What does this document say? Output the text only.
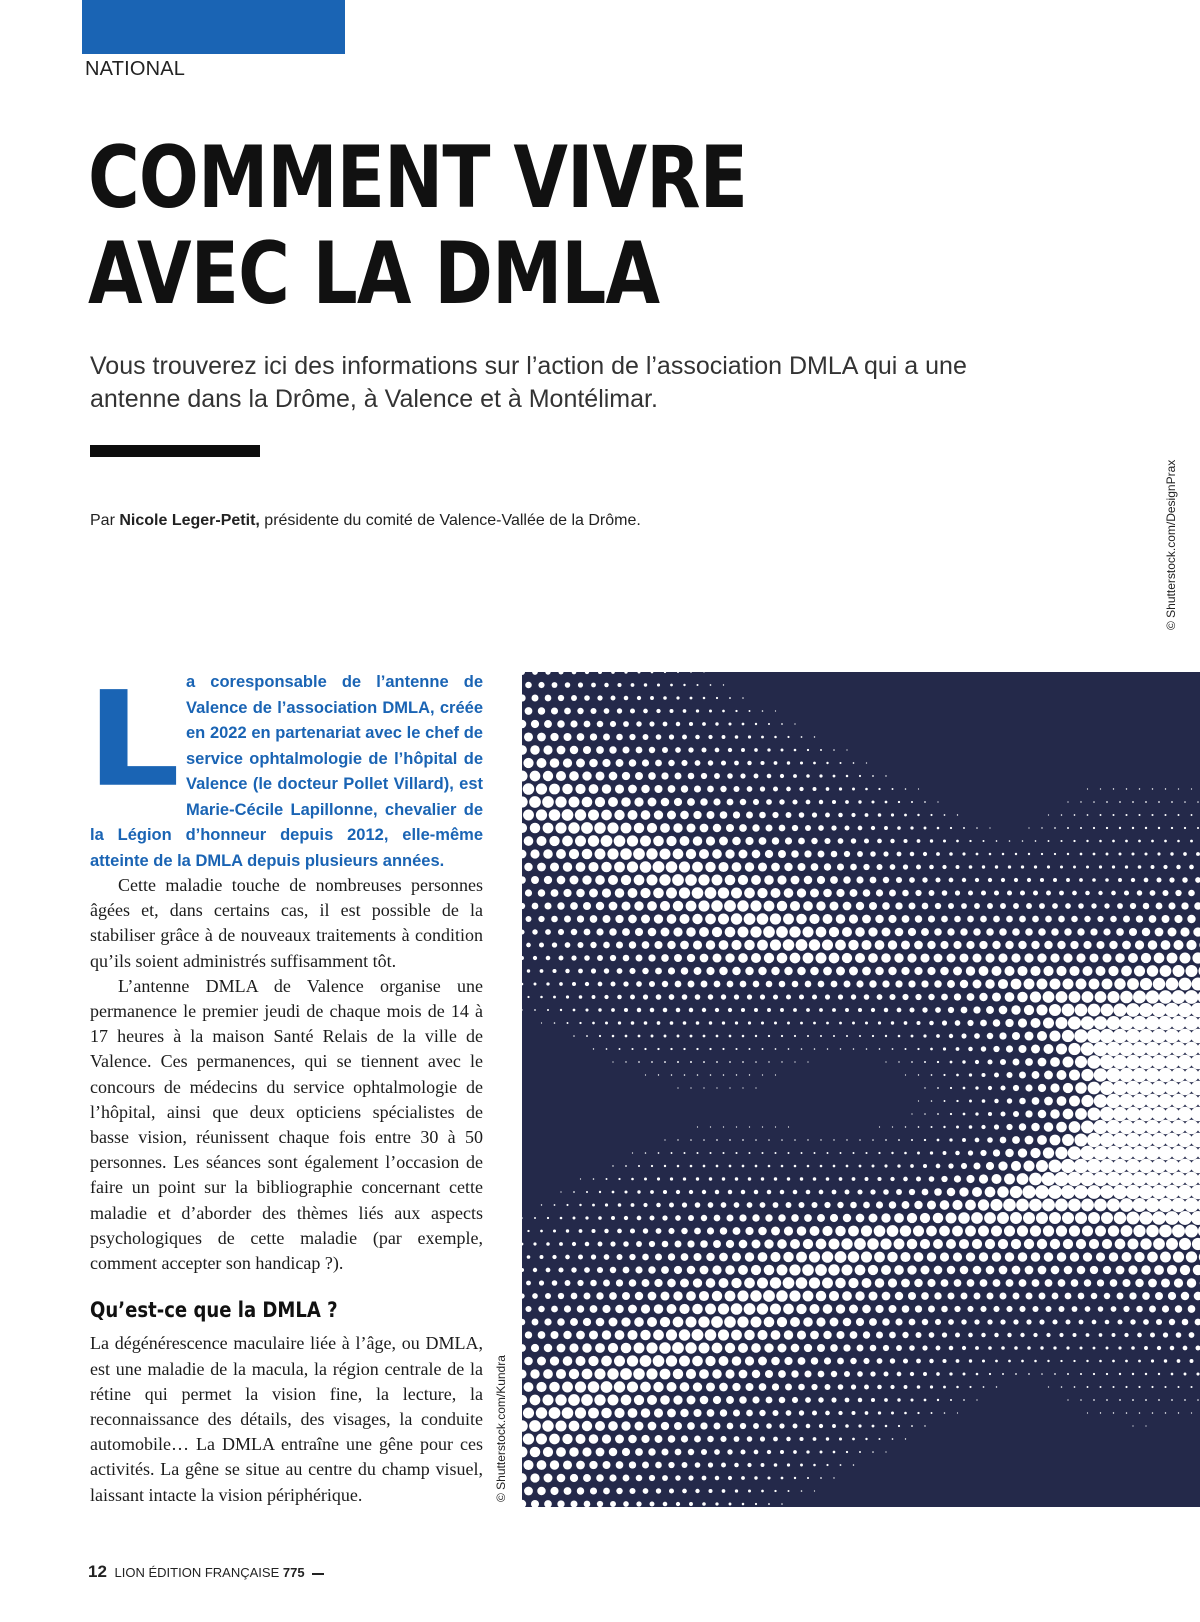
NATIONAL
COMMENT VIVRE
AVEC LA DMLA

Vous trouverez ici des informations sur l’action de l’association DMLA qui a une antenne dans la Drôme, à Valence et à Montélimar.

Par Nicole Leger-Petit, présidente du comité de Valence-Vallée de la Drôme.	© Shutterstock.com/DesignPrax
L a coresponsable de l’antenne de Valence de l’association DMLA, créée en 2022 en partenariat avec le chef de service ophtalmologie de l’hôpital de Valence (le docteur Pollet Villard), est Marie-Cécile Lapillonne, chevalier de la Légion d’honneur depuis 2012, elle-même atteinte de la DMLA depuis plusieurs années.

Cette maladie touche de nombreuses personnes âgées et, dans certains cas, il est possible de la stabiliser grâce à de nouveaux traitements à condition qu’ils soient administrés suffisamment tôt.

L’antenne DMLA de Valence organise une permanence le premier jeudi de chaque mois de 14 à 17 heures à la maison Santé Relais de la ville de Valence. Ces permanences, qui se tiennent avec le concours de médecins du service ophtalmologie de l’hôpital, ainsi que deux opticiens spécialistes de basse vision, réunissent chaque fois entre 30 à 50 personnes. Les séances sont également l’occasion de faire un point sur la bibliographie concernant cette maladie et d’aborder des thèmes liés aux aspects psychologiques de cette maladie (par exemple, comment accepter son handicap ?).

Qu’est-ce que la DMLA ?

La dégénérescence maculaire liée à l’âge, ou DMLA, est une maladie de la macula, la région centrale de la rétine qui permet la vision fine, la lecture, la reconnaissance des détails, des visages, la conduite automobile… La DMLA entraîne une gêne pour ces activités. La gêne se situe au centre du champ visuel, laissant intacte la vision périphérique.	© Shutterstock.com/Kundra
12 LION ÉDITION FRANÇAISE 775
